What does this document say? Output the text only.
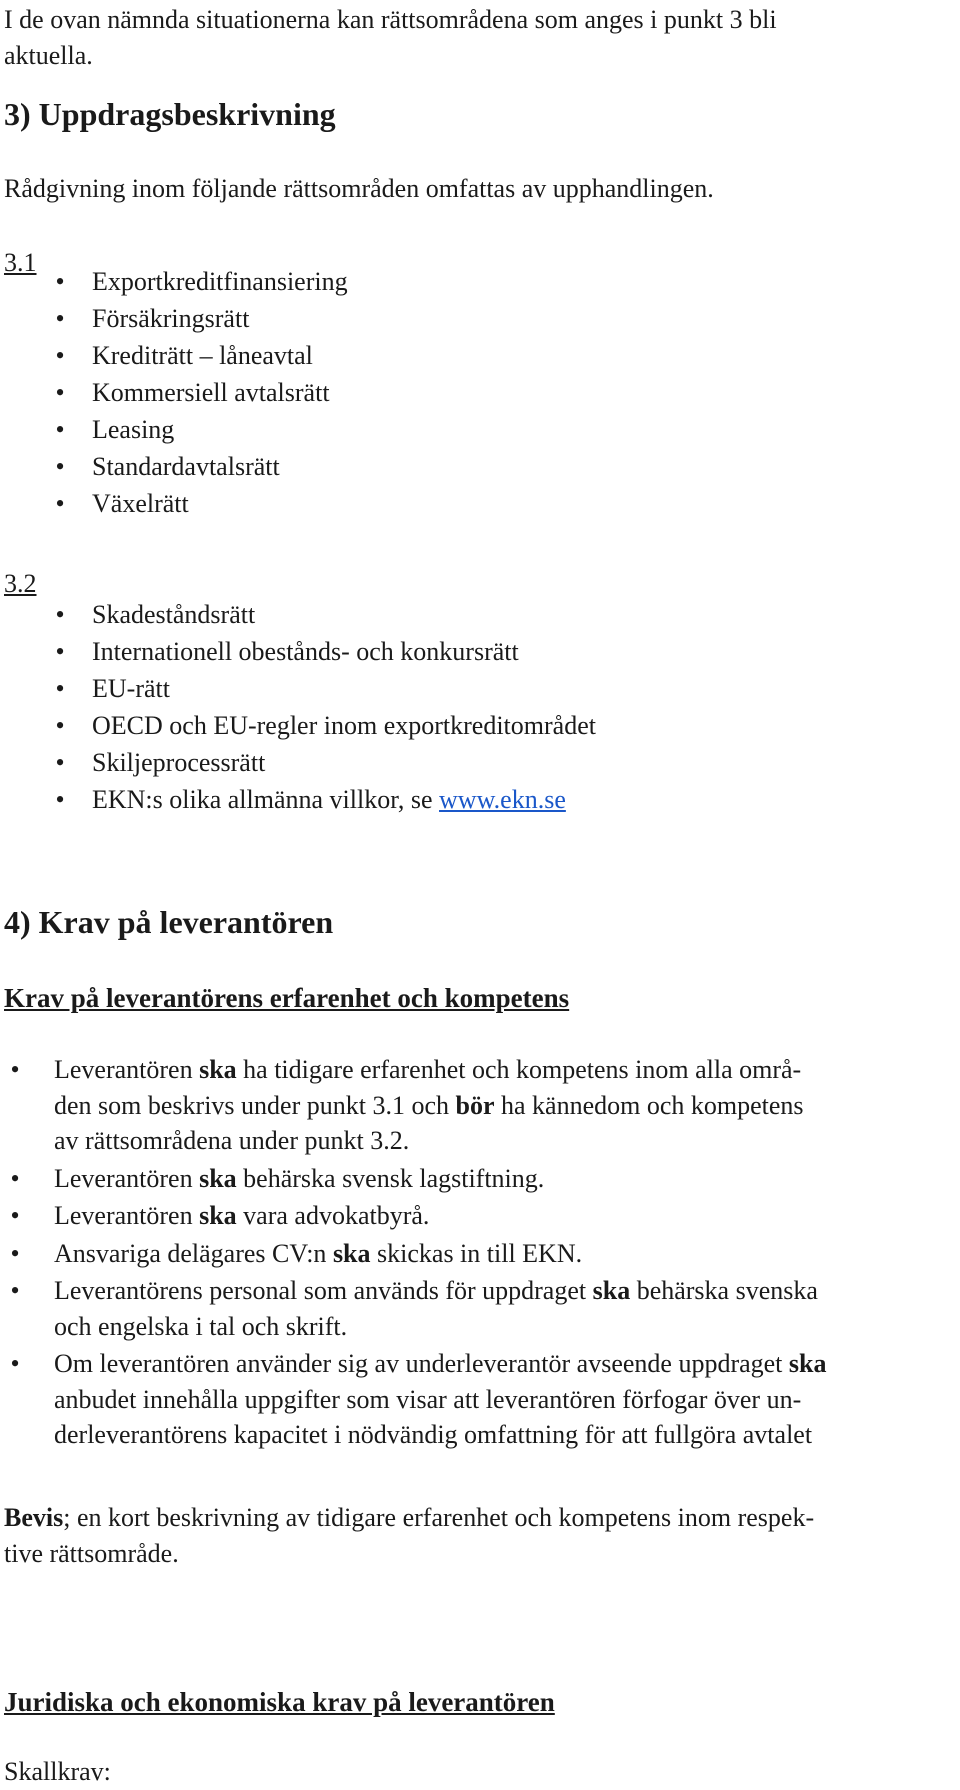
I de ovan nämnda situationerna kan rättsområdena som anges i punkt 3 bli
aktuella.

3) Uppdragsbeskrivning

Rådgivning inom följande rättsområden omfattas av upphandlingen.

3.1

• Exportkreditfinansiering
• Försäkringsrätt
• Krediträtt – låneavtal
• Kommersiell avtalsrätt
• Leasing
• Standardavtalsrätt
• Växelrätt

3.2

• Skadeståndsrätt
• Internationell obestånds- och konkursrätt
• EU-rätt
• OECD och EU-regler inom exportkreditområdet
• Skiljeprocessrätt
• EKN:s olika allmänna villkor, se www.ekn.se

4) Krav på leverantören

Krav på leverantörens erfarenhet och kompetens

• Leverantören ska ha tidigare erfarenhet och kompetens inom alla områ-
den som beskrivs under punkt 3.1 och bör ha kännedom och kompetens
av rättsområdena under punkt 3.2.
• Leverantören ska behärska svensk lagstiftning.
• Leverantören ska vara advokatbyrå.
• Ansvariga delägares CV:n ska skickas in till EKN.
• Leverantörens personal som används för uppdraget ska behärska svenska
och engelska i tal och skrift.
• Om leverantören använder sig av underleverantör avseende uppdraget ska
anbudet innehålla uppgifter som visar att leverantören förfogar över un-
derleverantörens kapacitet i nödvändig omfattning för att fullgöra avtalet

Bevis; en kort beskrivning av tidigare erfarenhet och kompetens inom respek-
tive rättsområde.

Juridiska och ekonomiska krav på leverantören

Skallkrav:
